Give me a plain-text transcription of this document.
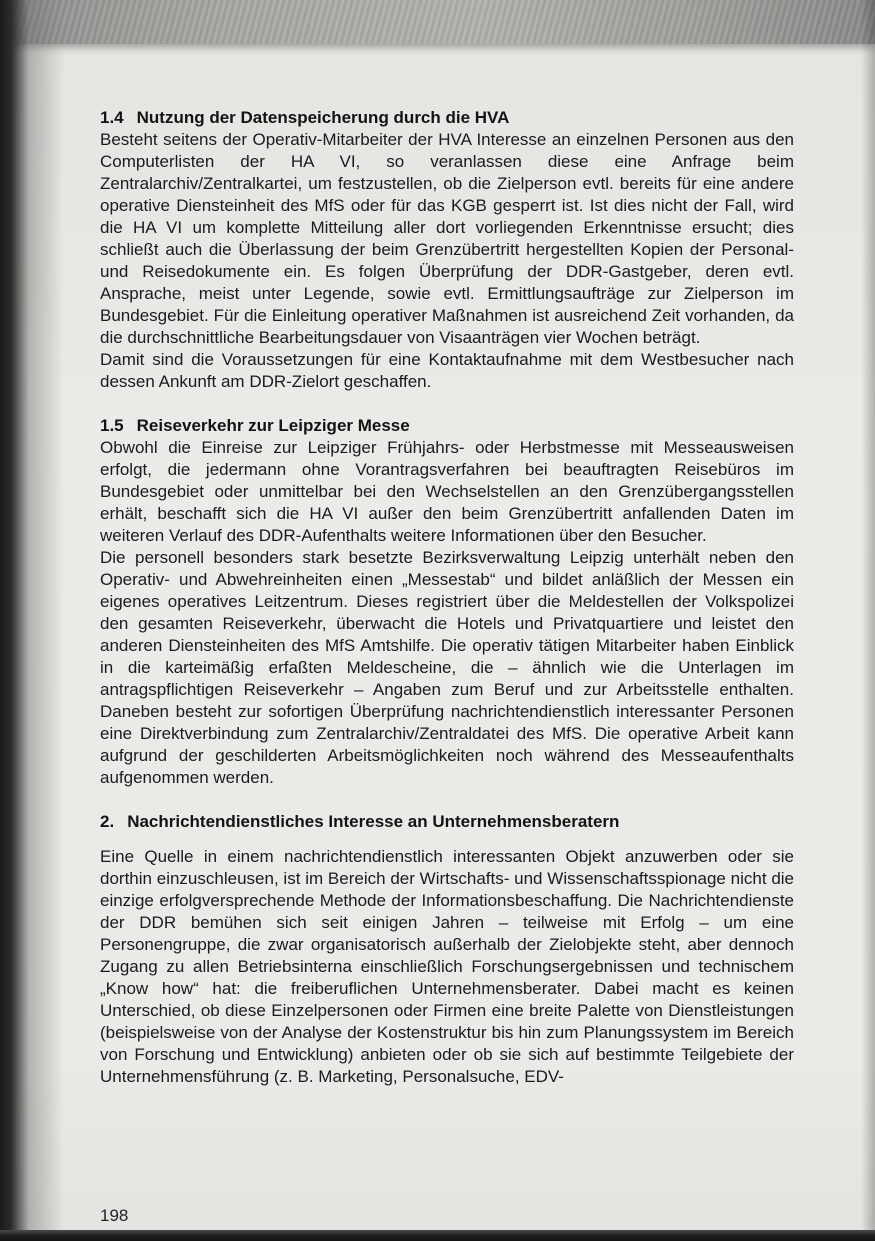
1.4 Nutzung der Datenspeicherung durch die HVA

Besteht seitens der Operativ-Mitarbeiter der HVA Interesse an einzelnen Personen aus den Computerlisten der HA VI, so veranlassen diese eine Anfrage beim Zentralarchiv/Zentralkartei, um festzustellen, ob die Zielperson evtl. bereits für eine andere operative Diensteinheit des MfS oder für das KGB gesperrt ist. Ist dies nicht der Fall, wird die HA VI um komplette Mitteilung aller dort vorliegenden Erkenntnisse ersucht; dies schließt auch die Überlassung der beim Grenzübertritt hergestellten Kopien der Personal- und Reisedokumente ein. Es folgen Überprüfung der DDR-Gastgeber, deren evtl. Ansprache, meist unter Legende, sowie evtl. Ermittlungsaufträge zur Zielperson im Bundesgebiet. Für die Einleitung operativer Maßnahmen ist ausreichend Zeit vorhanden, da die durchschnittliche Bearbeitungsdauer von Visaanträgen vier Wochen beträgt.

Damit sind die Voraussetzungen für eine Kontaktaufnahme mit dem Westbesucher nach dessen Ankunft am DDR-Zielort geschaffen.

1.5 Reiseverkehr zur Leipziger Messe

Obwohl die Einreise zur Leipziger Frühjahrs- oder Herbstmesse mit Messeausweisen erfolgt, die jedermann ohne Vorantragsverfahren bei beauftragten Reisebüros im Bundesgebiet oder unmittelbar bei den Wechselstellen an den Grenzübergangsstellen erhält, beschafft sich die HA VI außer den beim Grenzübertritt anfallenden Daten im weiteren Verlauf des DDR-Aufenthalts weitere Informationen über den Besucher.

Die personell besonders stark besetzte Bezirksverwaltung Leipzig unterhält neben den Operativ- und Abwehreinheiten einen „Messestab“ und bildet anläßlich der Messen ein eigenes operatives Leitzentrum. Dieses registriert über die Meldestellen der Volkspolizei den gesamten Reiseverkehr, überwacht die Hotels und Privatquartiere und leistet den anderen Diensteinheiten des MfS Amtshilfe. Die operativ tätigen Mitarbeiter haben Einblick in die karteimäßig erfaßten Meldescheine, die – ähnlich wie die Unterlagen im antragspflichtigen Reiseverkehr – Angaben zum Beruf und zur Arbeitsstelle enthalten. Daneben besteht zur sofortigen Überprüfung nachrichtendienstlich interessanter Personen eine Direktverbindung zum Zentralarchiv/Zentraldatei des MfS. Die operative Arbeit kann aufgrund der geschilderten Arbeitsmöglichkeiten noch während des Messeaufenthalts aufgenommen werden.

2. Nachrichtendienstliches Interesse an Unternehmensberatern

Eine Quelle in einem nachrichtendienstlich interessanten Objekt anzuwerben oder sie dorthin einzuschleusen, ist im Bereich der Wirtschafts- und Wissenschaftsspionage nicht die einzige erfolgversprechende Methode der Informationsbeschaffung. Die Nachrichtendienste der DDR bemühen sich seit einigen Jahren – teilweise mit Erfolg – um eine Personengruppe, die zwar organisatorisch außerhalb der Zielobjekte steht, aber dennoch Zugang zu allen Betriebsinterna einschließlich Forschungsergebnissen und technischem „Know how“ hat: die freiberuflichen Unternehmensberater. Dabei macht es keinen Unterschied, ob diese Einzelpersonen oder Firmen eine breite Palette von Dienstleistungen (beispielsweise von der Analyse der Kostenstruktur bis hin zum Planungssystem im Bereich von Forschung und Entwicklung) anbieten oder ob sie sich auf bestimmte Teilgebiete der Unternehmensführung (z. B. Marketing, Personalsuche, EDV-

198
